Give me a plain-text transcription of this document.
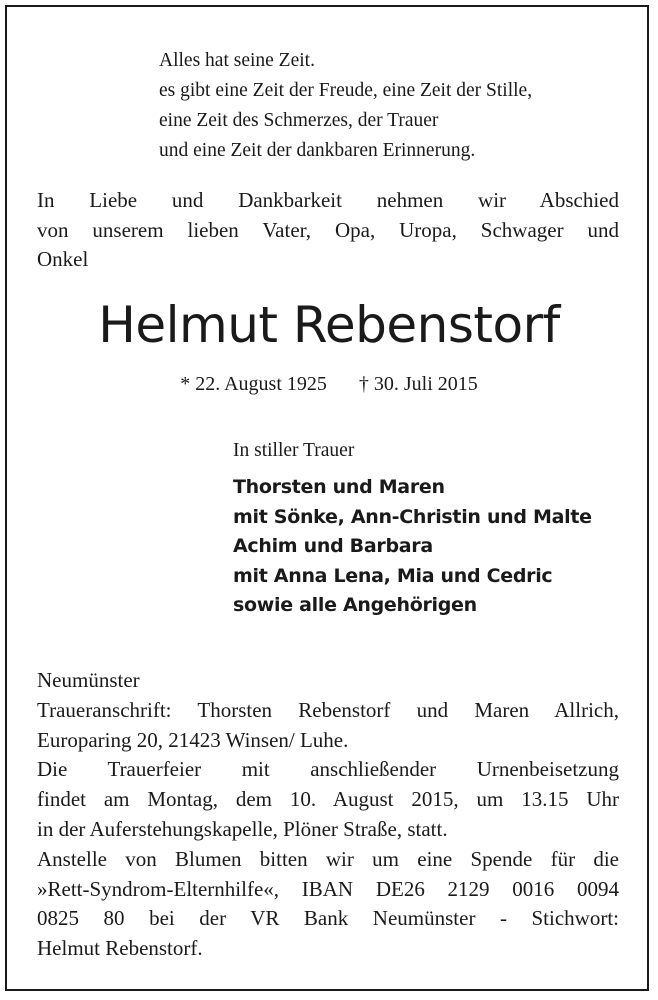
Alles hat seine Zeit.
es gibt eine Zeit der Freude, eine Zeit der Stille,
eine Zeit des Schmerzes, der Trauer
und eine Zeit der dankbaren Erinnerung.
In Liebe und Dankbarkeit nehmen wir Abschied
von unserem lieben Vater, Opa, Uropa, Schwager und
Onkel
Helmut Rebenstorf
* 22. August 1925 † 30. Juli 2015
In stiller Trauer
Thorsten und Maren
mit Sönke, Ann-Christin und Malte
Achim und Barbara
mit Anna Lena, Mia und Cedric
sowie alle Angehörigen
Neumünster
Traueranschrift: Thorsten Rebenstorf und Maren Allrich,
Europaring 20, 21423 Winsen/ Luhe.
Die Trauerfeier mit anschließender Urnenbeisetzung
findet am Montag, dem 10. August 2015, um 13.15 Uhr
in der Auferstehungskapelle, Plöner Straße, statt.
Anstelle von Blumen bitten wir um eine Spende für die
»Rett-Syndrom-Elternhilfe«, IBAN DE26 2129 0016 0094
0825 80 bei der VR Bank Neumünster - Stichwort:
Helmut Rebenstorf.
